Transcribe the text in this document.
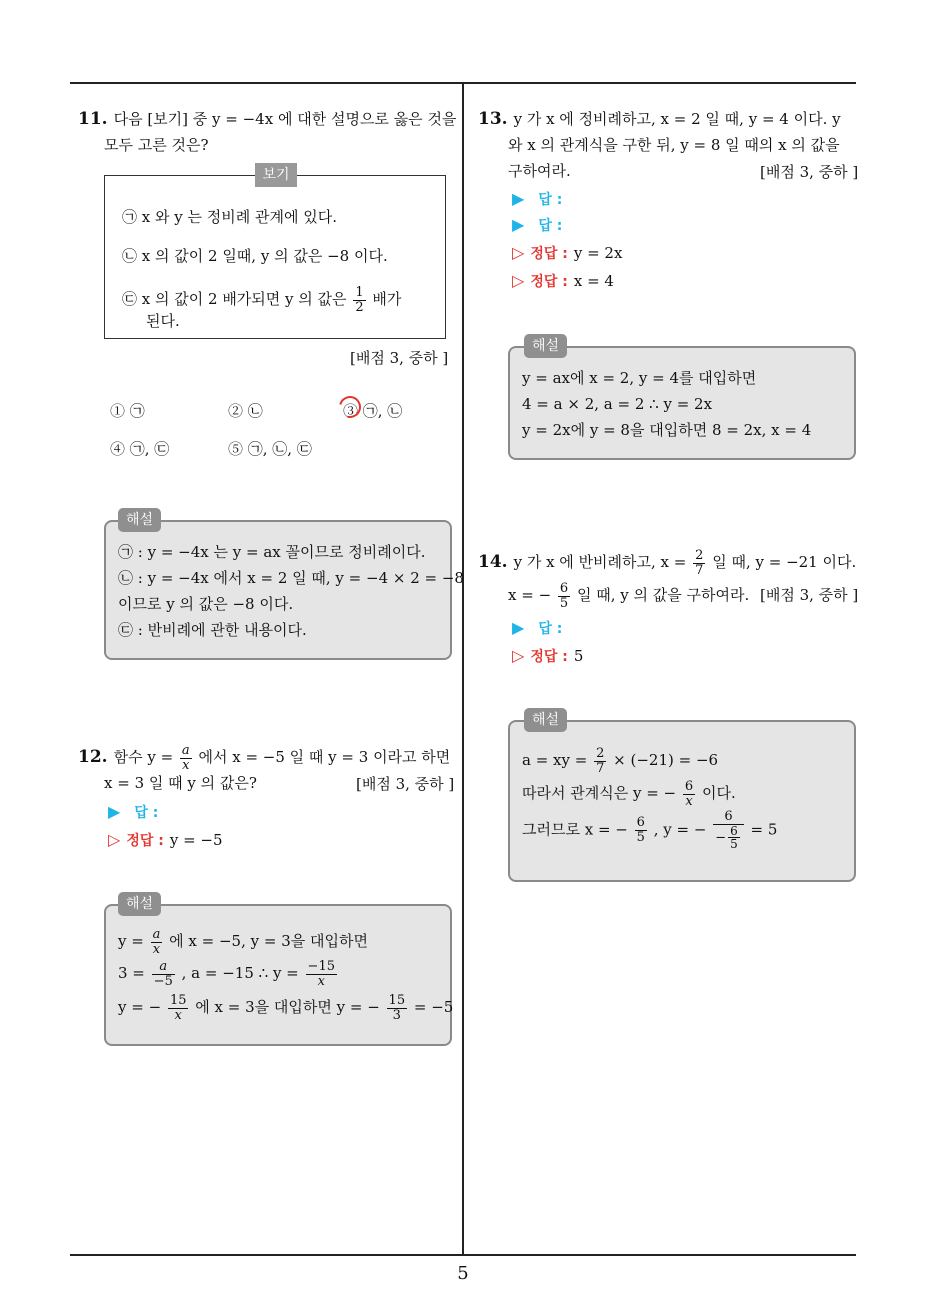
11. 다음 [보기] 중 y = −4x 에 대한 설명으로 옳은 것을
모두 고른 것은?
보기
㉠ x 와 y 는 정비례 관계에 있다.
㉡ x 의 값이 2 일때, y 의 값은 −8 이다.
㉢ x 의 값이 2 배가되면 y 의 값은 $\frac{1}{2}$ 배가
된다.
[배점 3, 중하 ]
① ㉠	② ㉡	③ ㉠, ㉡
④ ㉠, ㉢	⑤ ㉠, ㉡, ㉢
해설
㉠ : y = −4x 는 y = ax 꼴이므로 정비례이다.
㉡ : y = −4x 에서 x = 2 일 때, y = −4 × 2 = −8
이므로 y 의 값은 −8 이다.
㉢ : 반비례에 관한 내용이다.
12. 함수 $y = \frac{a}{x}$ 에서 x = −5 일 때 y = 3 이라고 하면
x = 3 일 때 y 의 값은?	[배점 3, 중하 ]
▶ 답 :
▷ 정답 : y = −5
해설
$y = \frac{a}{x}$ 에 x = −5, y = 3을 대입하면
$3 = \frac{a}{-5}$ , a = −15 ∴ $y = \frac{-15}{x}$
y = − $\frac{15}{x}$ 에 x = 3을 대입하면 y = − $\frac{15}{3} = -5$
13. y 가 x 에 정비례하고, x = 2 일 때, y = 4 이다. y
와 x 의 관계식을 구한 뒤, y = 8 일 때의 x 의 값을
구하여라.	[배점 3, 중하 ]
▶ 답 :
▶ 답 :
▷ 정답 : y = 2x
▷ 정답 : x = 4
해설
y = ax에 x = 2, y = 4를 대입하면
4 = a × 2, a = 2 ∴ y = 2x
y = 2x에 y = 8을 대입하면 8 = 2x, x = 4
14. y 가 x 에 반비례하고, $x = \frac{2}{7}$ 일 때, y = −21 이다.
x = − $\frac{6}{5}$ 일 때, y 의 값을 구하여라. [배점 3, 중하 ]
▶ 답 :
▷ 정답 : 5
해설
a = xy = $\frac{2}{7} \times (-21) = -6$
따라서 관계식은 y = − $\frac{6}{x}$ 이다.
그러므로 x = − $\frac{6}{5}$ , y = − $\frac{6}{- \frac{6}{5}} = 5$
5
